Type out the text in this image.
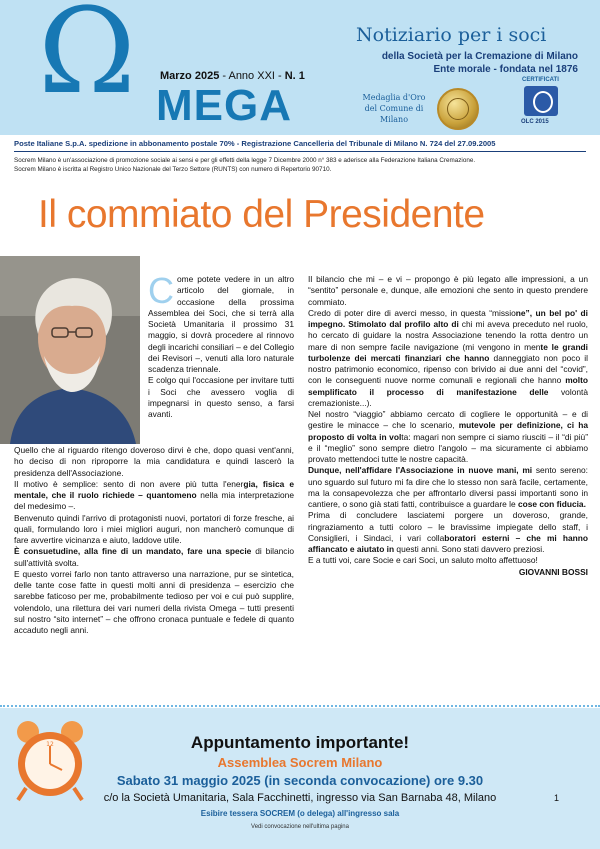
Ω MEGA
Marzo 2025 - Anno XXI - N. 1
Notiziario per i soci
della Società per la Cremazione di Milano
Ente morale - fondata nel 1876
Medaglia d'Oro del Comune di Milano
CERTIFICATI
OLC 2015
Poste Italiane S.p.A. spedizione in abbonamento postale 70% - Registrazione Cancelleria del Tribunale di Milano N. 724 del 27.09.2005
Socrem Milano è un'associazione di promozione sociale ai sensi e per gli effetti della legge 7 Dicembre 2000 n° 383 e aderisce alla Federazione Italiana Cremazione.
Socrem Milano è iscritta al Registro Unico Nazionale del Terzo Settore (RUNTS) con numero di Repertorio 90710.
Il commiato del Presidente
C ome potete vedere in un altro articolo del giornale, in occasione della prossima Assemblea dei Soci, che si terrà alla Società Umanitaria il prossimo 31 maggio, si dovrà procedere al rinnovo degli incarichi consiliari – e del Collegio dei Revisori –, venuti alla loro naturale scadenza triennale.

E colgo qui l'occasione per invitare tutti i Soci che avessero voglia di impegnarsi in questo senso, a farsi avanti.

Quello che al riguardo ritengo doveroso dirvi è che, dopo quasi vent'anni, ho deciso di non riproporre la mia candidatura e quindi lascerò la presidenza dell'Associazione.

Il motivo è semplice: sento di non avere più tutta l'energia, fisica e mentale, che il ruolo richiede – quantomeno nella mia interpretazione del medesimo –.

Benvenuto quindi l'arrivo di protagonisti nuovi, portatori di forze fresche, ai quali, formulando loro i miei migliori auguri, non mancherò comunque di fare avvertire vicinanza e aiuto, laddove utile.

È consuetudine, alla fine di un mandato, fare una specie di bilancio sull'attività svolta.

E questo vorrei farlo non tanto attraverso una narrazione, pur se sintetica, delle tante cose fatte in questi molti anni di presidenza – esercizio che sarebbe faticoso per me, probabilmente tedioso per voi e cui può supplire, volendolo, una rilettura dei vari numeri della rivista Omega – tutti presenti sul nostro “sito internet” – che offrono cronaca puntuale e fedele di quanto accaduto negli anni.

Il bilancio che mi – e vi – propongo è più legato alle impressioni, a un “sentito” personale e, dunque, alle emozioni che sento in questo prendere commiato.

Credo di poter dire di averci messo, in questa “missione”, un bel po' di impegno. Stimolato dal profilo alto di chi mi aveva preceduto nel ruolo, ho cercato di guidare la nostra Associazione tenendo la rotta dentro un mare di non sempre facile navigazione (mi vengono in mente le grandi turbolenze dei mercati finanziari che hanno danneggiato non poco il nostro patrimonio economico, ripenso con brivido ai due anni del “covid”, con le conseguenti nuove norme comunali e regionali che hanno molto semplificato il processo di manifestazione delle volontà cremazioniste...).

Nel nostro “viaggio” abbiamo cercato di cogliere le opportunità – e di gestire le minacce – che lo scenario, mutevole per definizione, ci ha proposto di volta in volta: magari non sempre ci siamo riusciti – il “di più” e il “meglio” sono sempre dietro l'angolo – ma sicuramente ci abbiamo provato mettendoci tutte le nostre capacità.

Dunque, nell'affidare l'Associazione in nuove mani, mi sento sereno: uno sguardo sul futuro mi fa dire che lo stesso non sarà facile, certamente, ma la consapevolezza che per affrontarlo diversi passi importanti sono in cantiere, o sono già stati fatti, contribuisce a guardare le cose con fiducia.

Prima di concludere lasciatemi porgere un doveroso, grande, ringraziamento a tutti coloro – le bravissime impiegate dello staff, i Consiglieri, i Sindaci, i vari collaboratori esterni – che mi hanno affiancato e aiutato in questi anni. Sono stati davvero preziosi.

E a tutti voi, care Socie e cari Soci, un saluto molto affettuoso!

GIOVANNI BOSSI

12	Appuntamento importante!
Assemblea Socrem Milano
Sabato 31 maggio 2025 (in seconda convocazione) ore 9.30
c/o la Società Umanitaria, Sala Facchinetti, ingresso via San Barnaba 48, Milano
Esibire tessera SOCREM (o delega) all'ingresso sala
Vedi convocazione nell'ultima pagina
1
